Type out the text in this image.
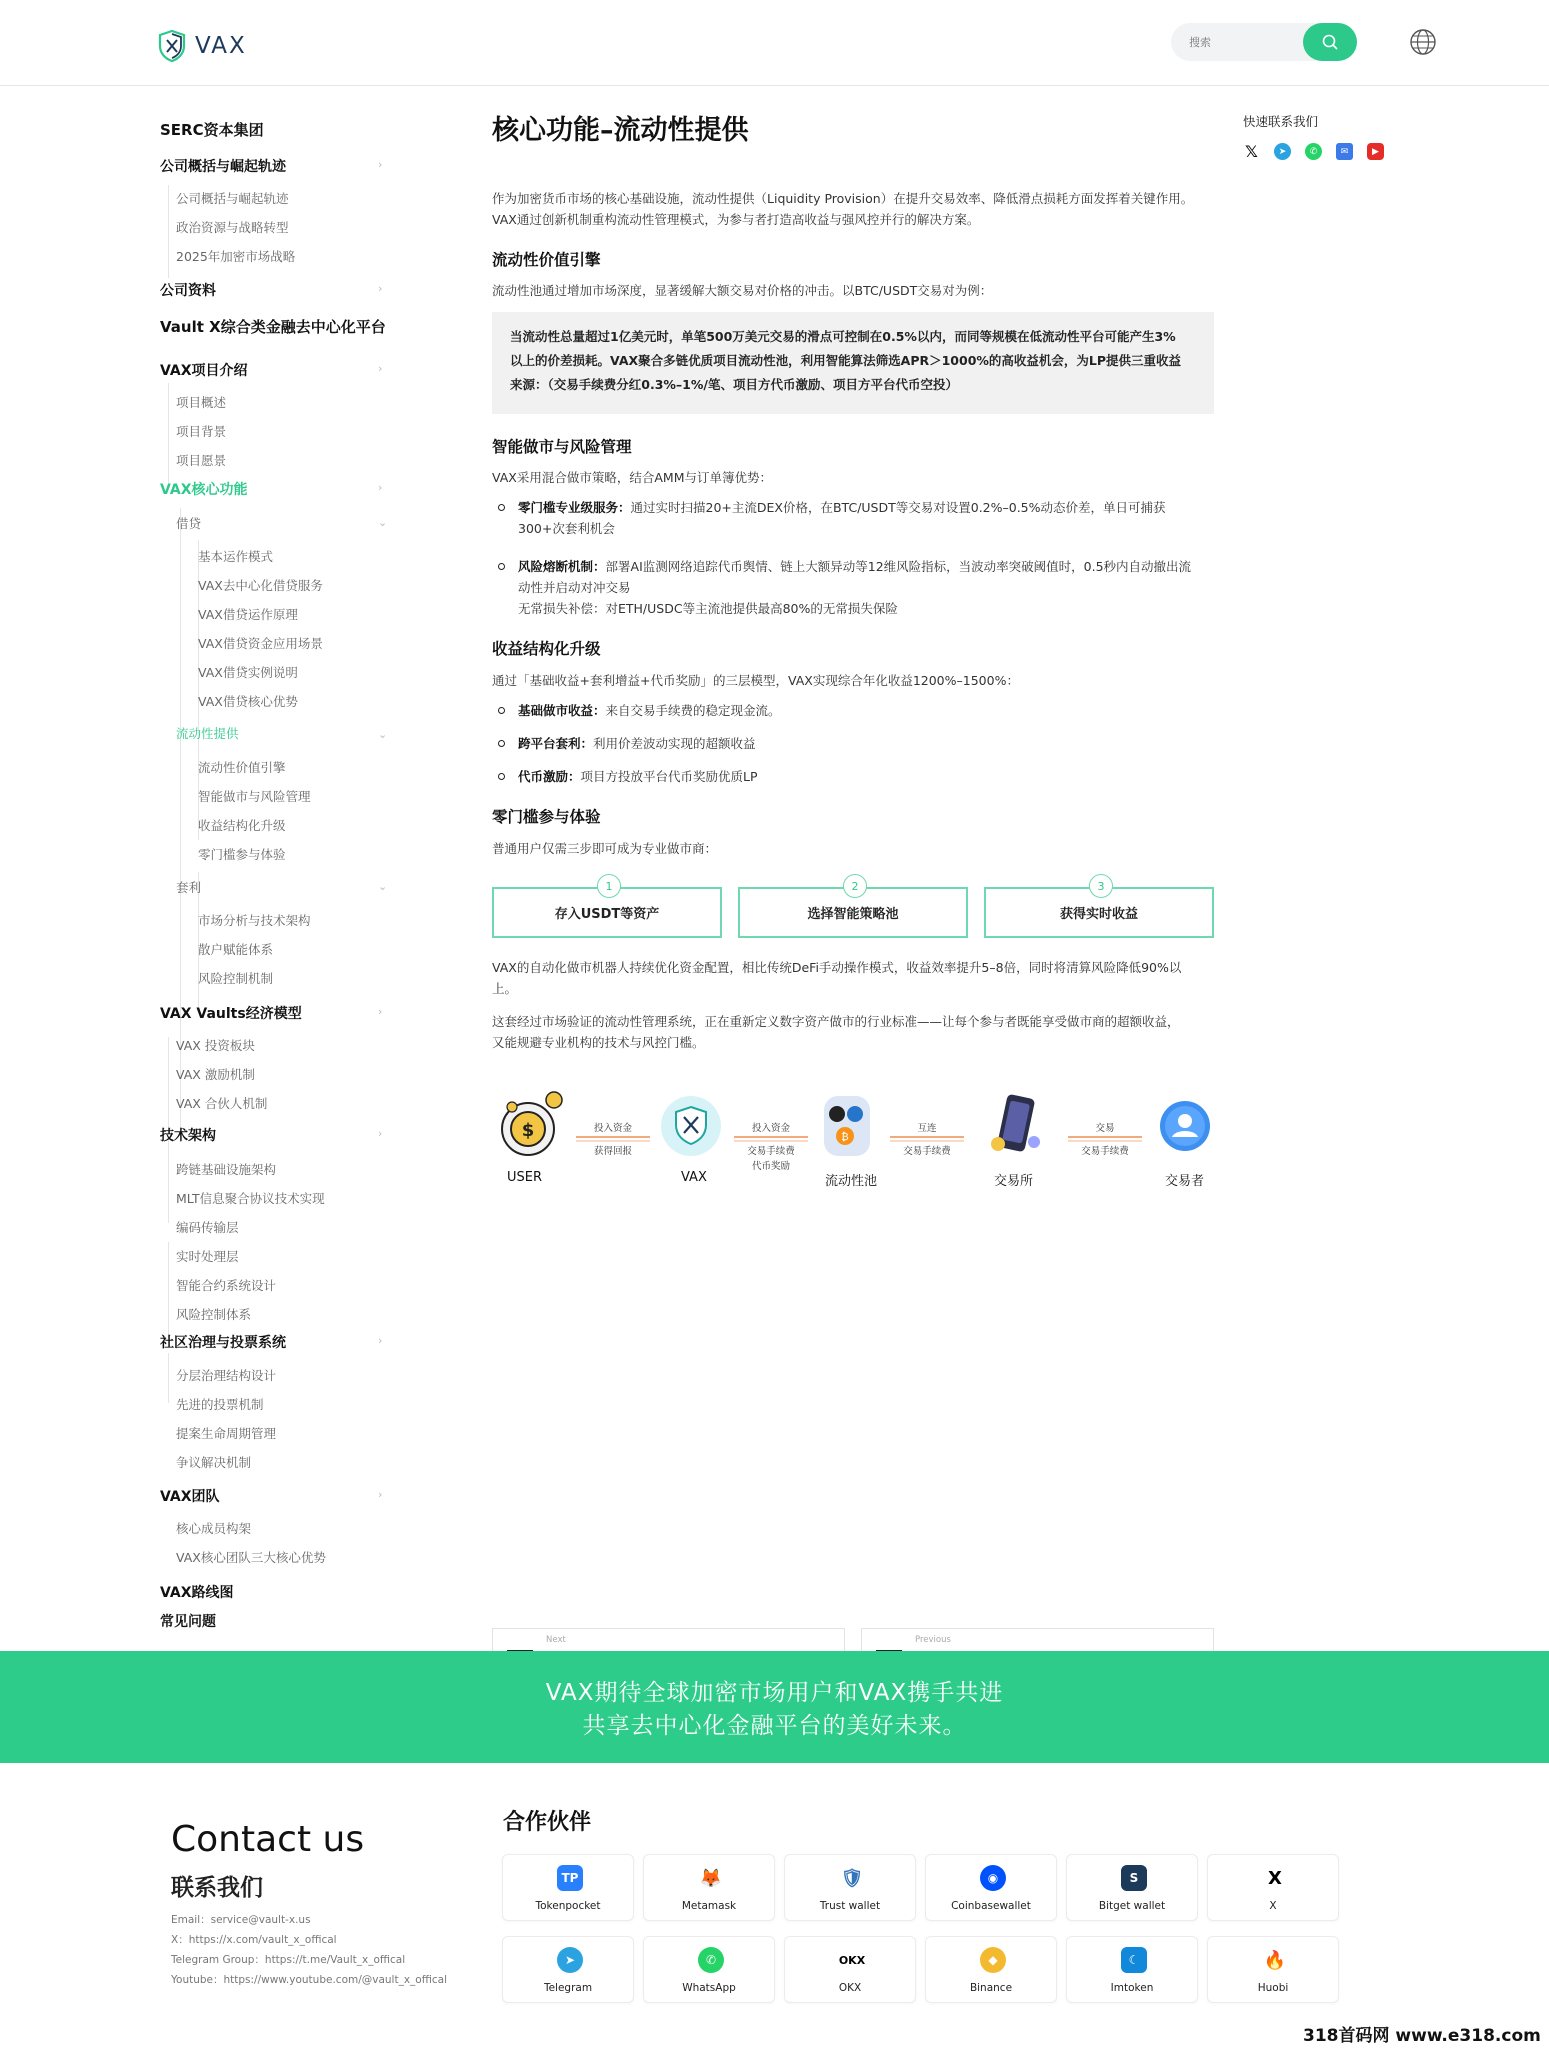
VAX
搜索
SERC资本集团
公司概括与崛起轨迹	›
公司概括与崛起轨迹
政治资源与战略转型
2025年加密市场战略
公司资料	›
Vault X综合类金融去中心化平台
VAX项目介绍	›
项目概述
项目背景
项目愿景
VAX核心功能	›
借贷	⌄
基本运作模式
VAX去中心化借贷服务
VAX借贷运作原理
VAX借贷资金应用场景
VAX借贷实例说明
VAX借贷核心优势
流动性提供	⌄
流动性价值引擎
智能做市与风险管理
收益结构化升级
零门槛参与体验
套利	⌄
市场分析与技术架构
散户赋能体系
风险控制机制
VAX Vaults经济模型	›
VAX 投资板块
VAX 激励机制
VAX 合伙人机制
技术架构	›
跨链基础设施架构
MLT信息聚合协议技术实现
编码传输层
实时处理层
智能合约系统设计
风险控制体系
社区治理与投票系统	›
分层治理结构设计
先进的投票机制
提案生命周期管理
争议解决机制
VAX团队	›
核心成员构架
VAX核心团队三大核心优势
VAX路线图
常见问题
核心功能–流动性提供
作为加密货币市场的核心基础设施，流动性提供（Liquidity Provision）在提升交易效率、降低滑点损耗方面发挥着关键作用。
VAX通过创新机制重构流动性管理模式，为参与者打造高收益与强风控并行的解决方案。
流动性价值引擎
流动性池通过增加市场深度，显著缓解大额交易对价格的冲击。以BTC/USDT交易对为例：
当流动性总量超过1亿美元时，单笔500万美元交易的滑点可控制在0.5%以内，而同等规模在低流动性平台可能产生3%
以上的价差损耗。VAX聚合多链优质项目流动性池，利用智能算法筛选APR＞1000%的高收益机会，为LP提供三重收益
来源：（交易手续费分红0.3%–1%/笔、项目方代币激励、项目方平台代币空投）
智能做市与风险管理
VAX采用混合做市策略，结合AMM与订单簿优势：
零门槛专业级服务：通过实时扫描20+主流DEX价格，在BTC/USDT等交易对设置0.2%–0.5%动态价差，单日可捕获
300+次套利机会
风险熔断机制：部署AI监测网络追踪代币舆情、链上大额异动等12维风险指标，当波动率突破阈值时，0.5秒内自动撤出流
动性并启动对冲交易
无常损失补偿：对ETH/USDC等主流池提供最高80%的无常损失保险
收益结构化升级
通过「基础收益+套利增益+代币奖励」的三层模型，VAX实现综合年化收益1200%–1500%：
基础做市收益：来自交易手续费的稳定现金流。
跨平台套利：利用价差波动实现的超额收益
代币激励：项目方投放平台代币奖励优质LP
零门槛参与体验
普通用户仅需三步即可成为专业做市商：
1
存入USDT等资产
2
选择智能策略池
3
获得实时收益
VAX的自动化做市机器人持续优化资金配置，相比传统DeFi手动操作模式，收益效率提升5–8倍，同时将清算风险降低90%以
上。
这套经过市场验证的流动性管理系统，正在重新定义数字资产做市的行业标准——让每个参与者既能享受做市商的超额收益，
又能规避专业机构的技术与风控门槛。
$
USER
投入资金
获得回报
VAX
投入资金
交易手续费
代币奖励
₿
流动性池
互连
交易手续费
交易所
交易
交易手续费
交易者
Next	Previous
快速联系我们
𝕏	➤	✆	✉	▶
VAX期待全球加密市场用户和VAX携手共进
共享去中心化金融平台的美好未来。
Contact us
联系我们
Email：service@vault-x.us
X：https://x.com/vault_x_offical
Telegram Group：https://t.me/Vault_x_offical
Youtube：https://www.youtube.com/@vault_x_offical
合作伙伴
TP
Tokenpocket
🦊
Metamask
🛡
Trust wallet
◉
Coinbasewallet
S
Bitget wallet
X
X
➤
Telegram
✆
WhatsApp
OKX
OKX
◆
Binance
☾
Imtoken
🔥
Huobi
318首码网 www.e318.com
